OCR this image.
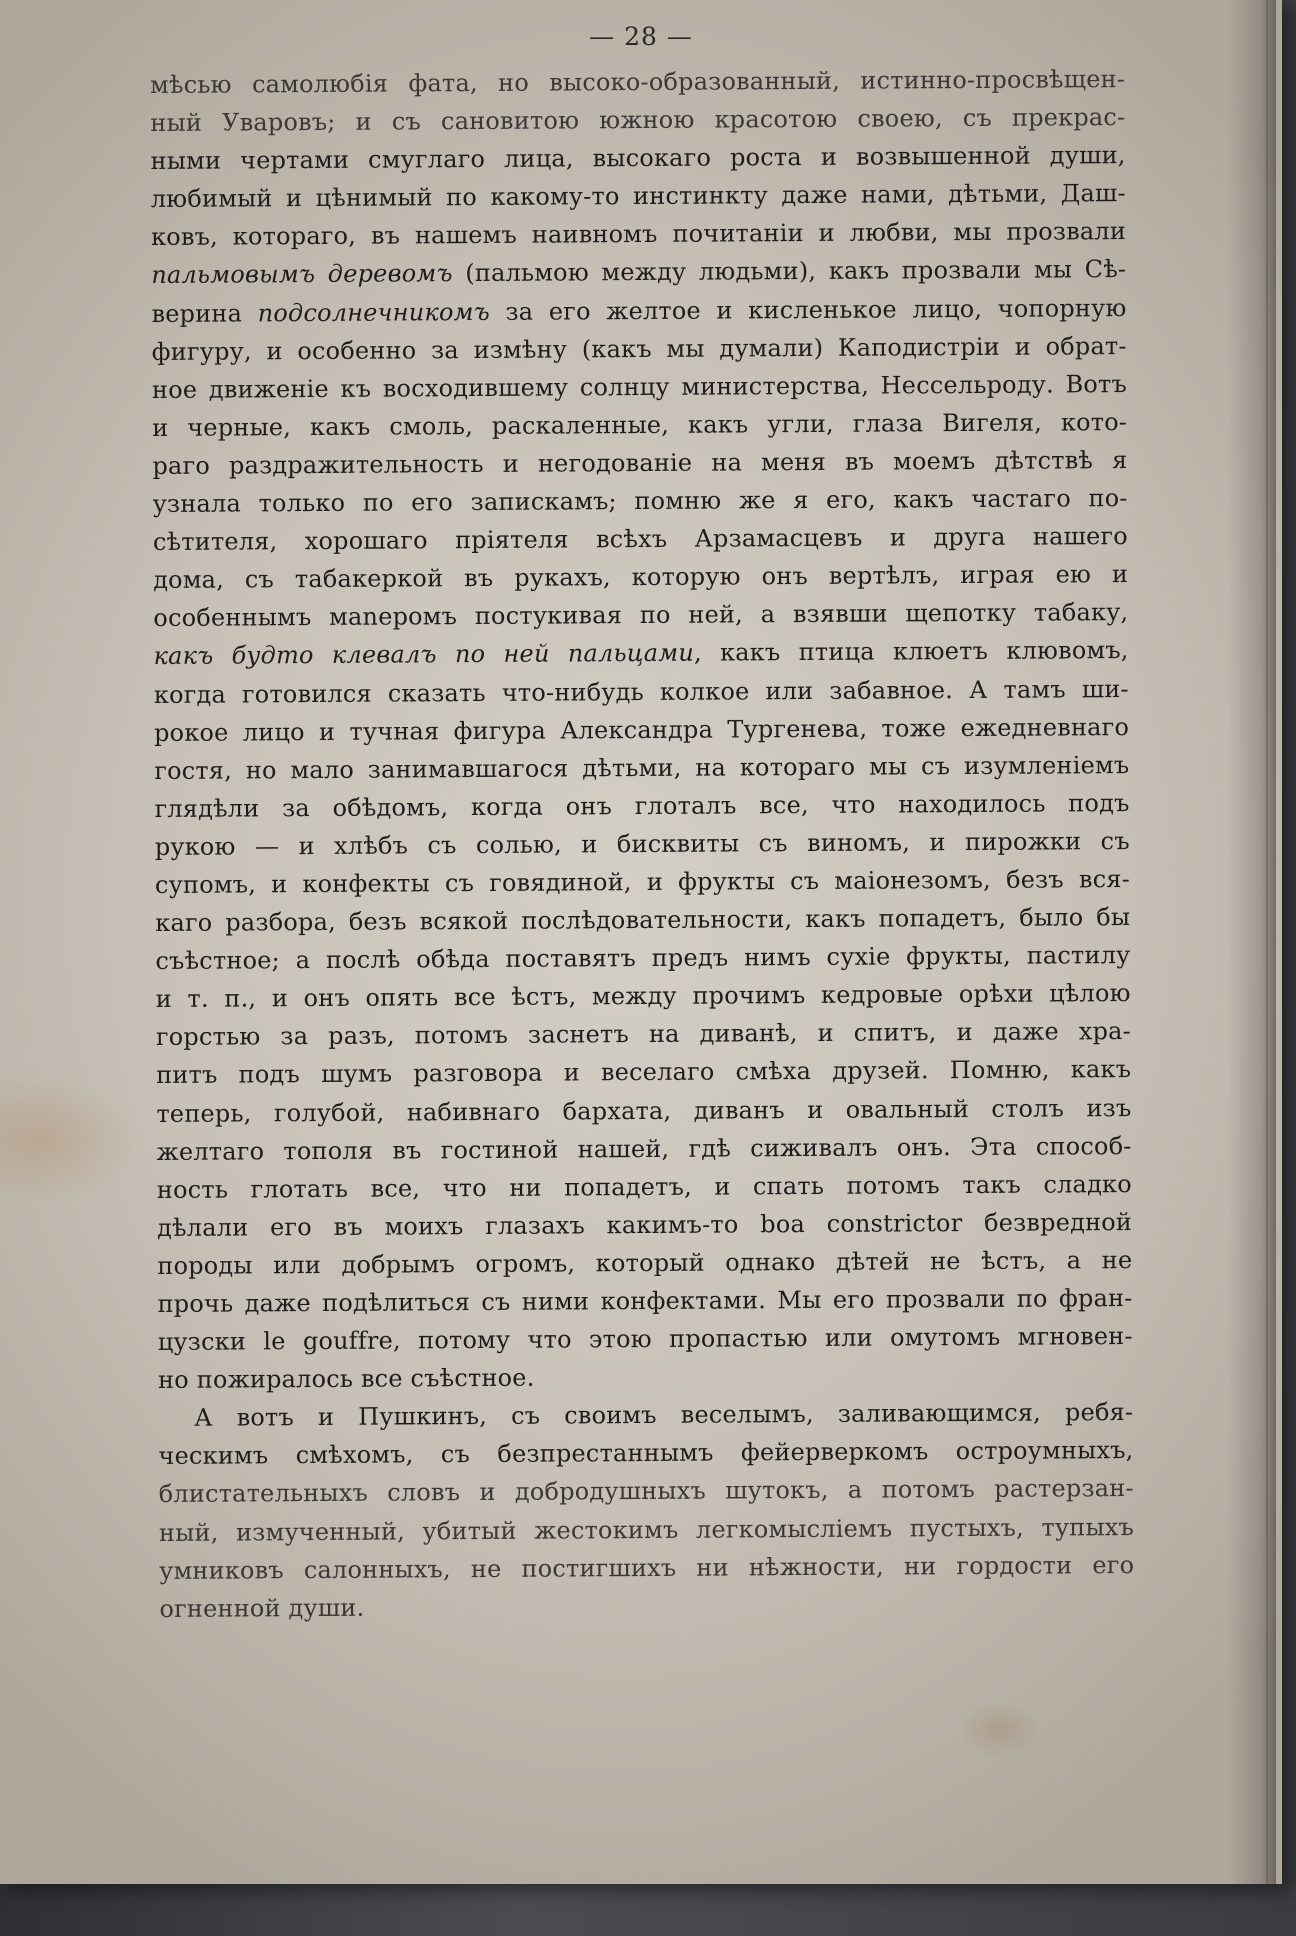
— 28 —
мѣсью самолюбія фата, но высоко-образованный, истинно-просвѣщен-
ный Уваровъ; и съ сановитою южною красотою своею, съ прекрас-
ными чертами смуглаго лица, высокаго роста и возвышенной души,
любимый и цѣнимый по какому-то инстинкту даже нами, дѣтьми, Даш-
ковъ, котораго, въ нашемъ наивномъ почитаніи и любви, мы прозвали
пальмовымъ деревомъ (пальмою между людьми), какъ прозвали мы Сѣ-
верина подсолнечникомъ за его желтое и кисленькое лицо, чопорную
фигуру, и особенно за измѣну (какъ мы думали) Каподистріи и обрат-
ное движеніе къ восходившему солнцу министерства, Нессельроду. Вотъ
и черные, какъ смоль, раскаленные, какъ угли, глаза Вигеля, кото-
раго раздражительность и негодованіе на меня въ моемъ дѣтствѣ я
узнала только по его запискамъ; помню же я его, какъ частаго по-
сѣтителя, хорошаго пріятеля всѣхъ Арзамасцевъ и друга нашего
дома, съ табакеркой въ рукахъ, которую онъ вертѣлъ, играя ею и
особеннымъ маneромъ постукивая по ней, а взявши щепотку табаку,
какъ будто клевалъ по ней пальцами, какъ птица клюетъ клювомъ,
когда готовился сказать что-нибудь колкое или забавное. А тамъ ши-
рокое лицо и тучная фигура Александра Тургенева, тоже ежедневнаго
гостя, но мало занимавшагося дѣтьми, на котораго мы съ изумленіемъ
глядѣли за обѣдомъ, когда онъ глоталъ все, что находилось подъ
рукою — и хлѣбъ съ солью, и бисквиты съ виномъ, и пирожки съ
супомъ, и конфекты съ говядиной, и фрукты съ маіонезомъ, безъ вся-
каго разбора, безъ всякой послѣдовательности, какъ попадетъ, было бы
съѣстное; а послѣ обѣда поставятъ предъ нимъ сухіе фрукты, пастилу
и т. п., и онъ опять все ѣстъ, между прочимъ кедровые орѣхи цѣлою
горстью за разъ, потомъ заснетъ на диванѣ, и спитъ, и даже хра-
питъ подъ шумъ разговора и веселаго смѣха друзей. Помню, какъ
теперь, голубой, набивнаго бархата, диванъ и овальный столъ изъ
желтаго тополя въ гостиной нашей, гдѣ сиживалъ онъ. Эта способ-
ность глотать все, что ни попадетъ, и спать потомъ такъ сладко
дѣлали его въ моихъ глазахъ какимъ-то boa constrictor безвредной
породы или добрымъ огромъ, который однако дѣтей не ѣстъ, а не
прочь даже подѣлиться съ ними конфектами. Мы его прозвали по фран-
цузски le gouffre, потому что этою пропастью или омутомъ мгновен-
но пожиралось все съѣстное.
А вотъ и Пушкинъ, съ своимъ веселымъ, заливающимся, ребя-
ческимъ смѣхомъ, съ безпрестаннымъ фейерверкомъ остроумныхъ,
блистательныхъ словъ и добродушныхъ шутокъ, а потомъ растерзан-
ный, измученный, убитый жестокимъ легкомысліемъ пустыхъ, тупыхъ
умниковъ салонныхъ, не постигшихъ ни нѣжности, ни гордости его
огненной души.
